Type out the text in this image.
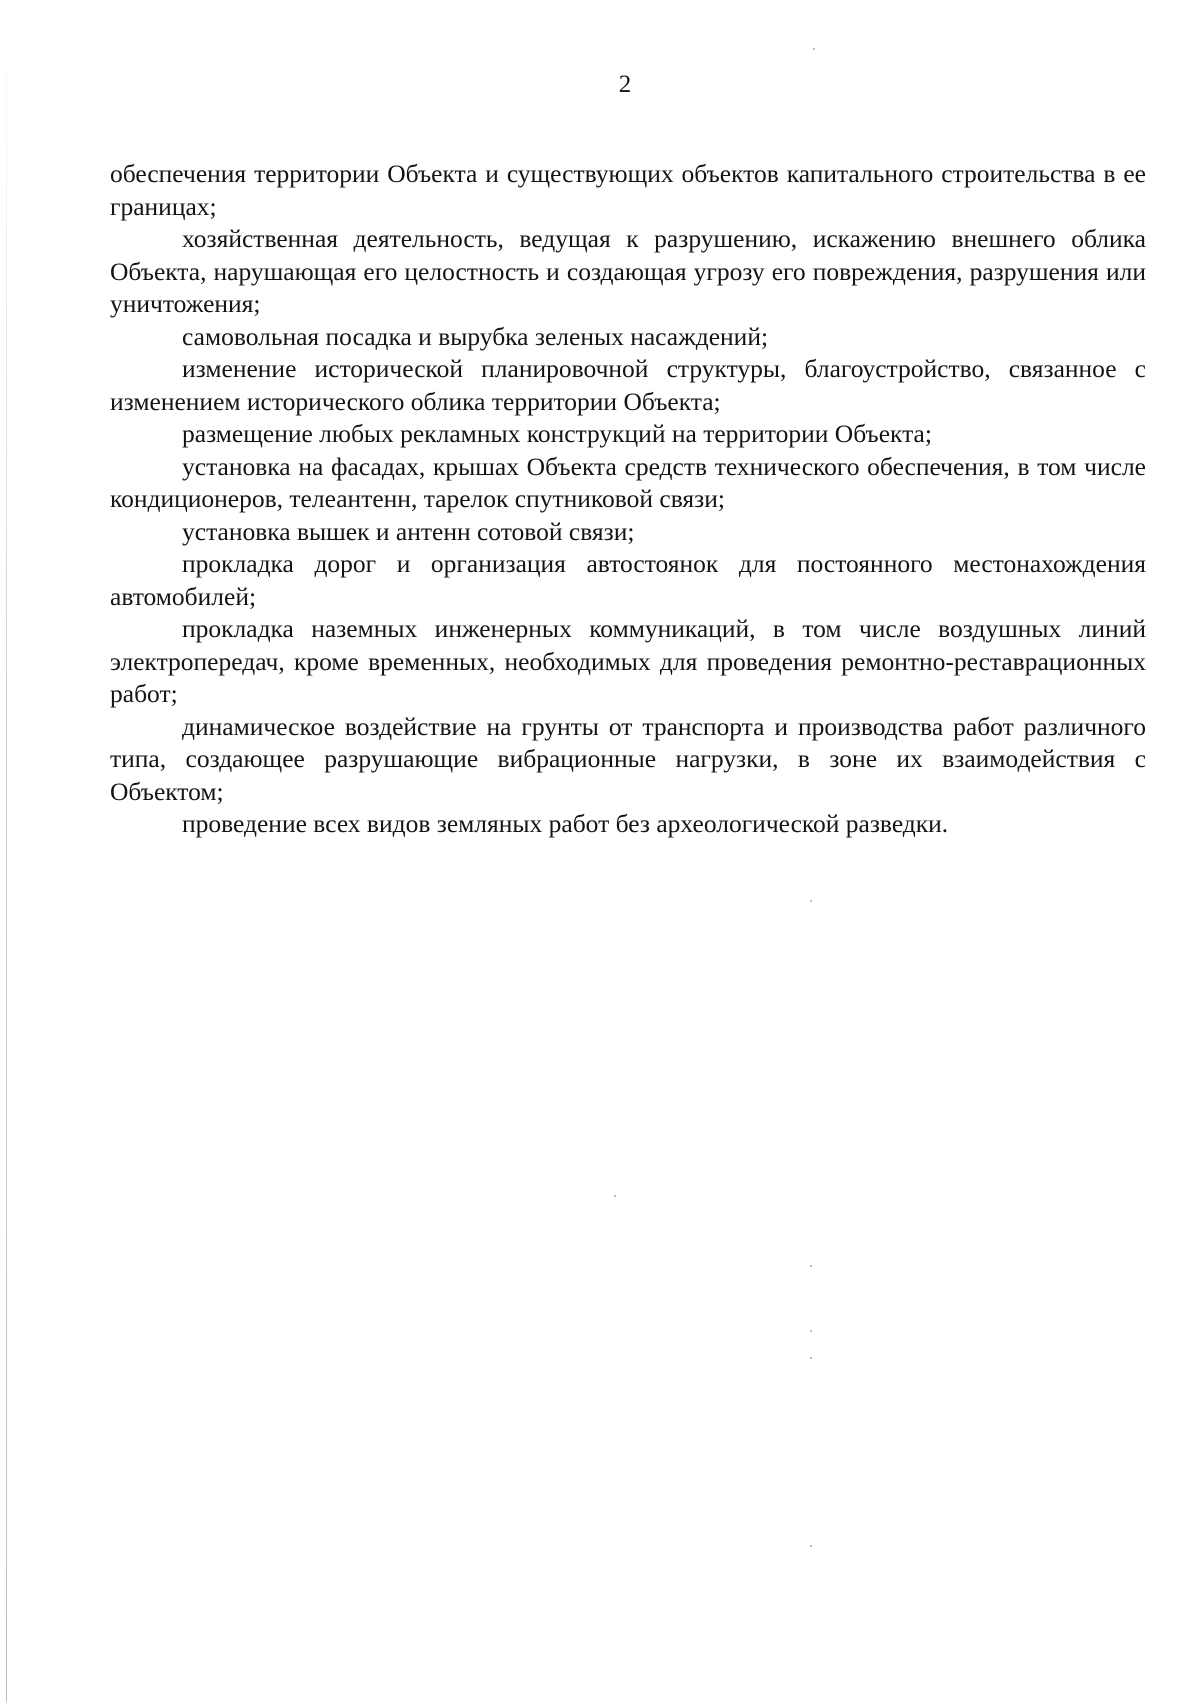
2

обеспечения территории Объекта и существующих объектов капитального строительства в ее границах;

хозяйственная деятельность, ведущая к разрушению, искажению внешнего облика Объекта, нарушающая его целостность и создающая угрозу его повреждения, разрушения или уничтожения;

самовольная посадка и вырубка зеленых насаждений;

изменение исторической планировочной структуры, благоустройство, связанное с изменением исторического облика территории Объекта;

размещение любых рекламных конструкций на территории Объекта;

установка на фасадах, крышах Объекта средств технического обеспечения, в том числе кондиционеров, телеантенн, тарелок спутниковой связи;

установка вышек и антенн сотовой связи;

прокладка дорог и организация автостоянок для постоянного местонахождения автомобилей;

прокладка наземных инженерных коммуникаций, в том числе воздушных линий электропередач, кроме временных, необходимых для проведения ремонтно-реставрационных работ;

динамическое воздействие на грунты от транспорта и производства работ различного типа, создающее разрушающие вибрационные нагрузки, в зоне их взаимодействия с Объектом;

проведение всех видов земляных работ без археологической разведки.
